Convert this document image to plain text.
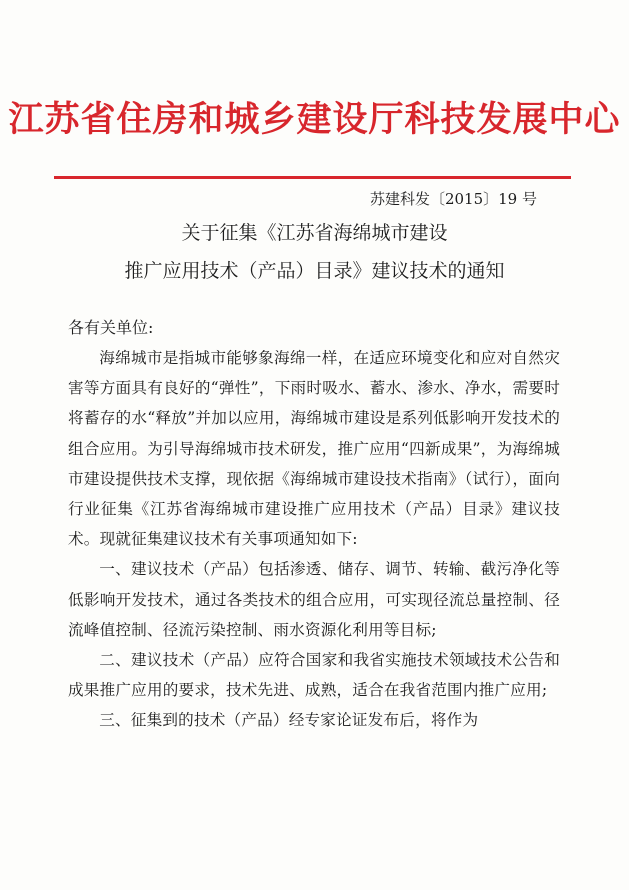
江苏省住房和城乡建设厅科技发展中心
苏建科发〔2015〕19 号
关于征集《江苏省海绵城市建设
推广应用技术（产品）目录》建议技术的通知
各有关单位:

海绵城市是指城市能够象海绵一样，在适应环境变化和应对自然灾害等方面具有良好的“弹性”，下雨时吸水、蓄水、渗水、净水，需要时将蓄存的水“释放”并加以应用，海绵城市建设是系列低影响开发技术的组合应用。为引导海绵城市技术研发，推广应用“四新成果”，为海绵城市建设提供技术支撑，现依据《海绵城市建设技术指南》（试行），面向行业征集《江苏省海绵城市建设推广应用技术（产品）目录》建议技术。现就征集建议技术有关事项通知如下:

一、建议技术（产品）包括渗透、储存、调节、转输、截污净化等低影响开发技术，通过各类技术的组合应用，可实现径流总量控制、径流峰值控制、径流污染控制、雨水资源化利用等目标;

二、建议技术（产品）应符合国家和我省实施技术领域技术公告和成果推广应用的要求，技术先进、成熟，适合在我省范围内推广应用;

三、征集到的技术（产品）经专家论证发布后，将作为
